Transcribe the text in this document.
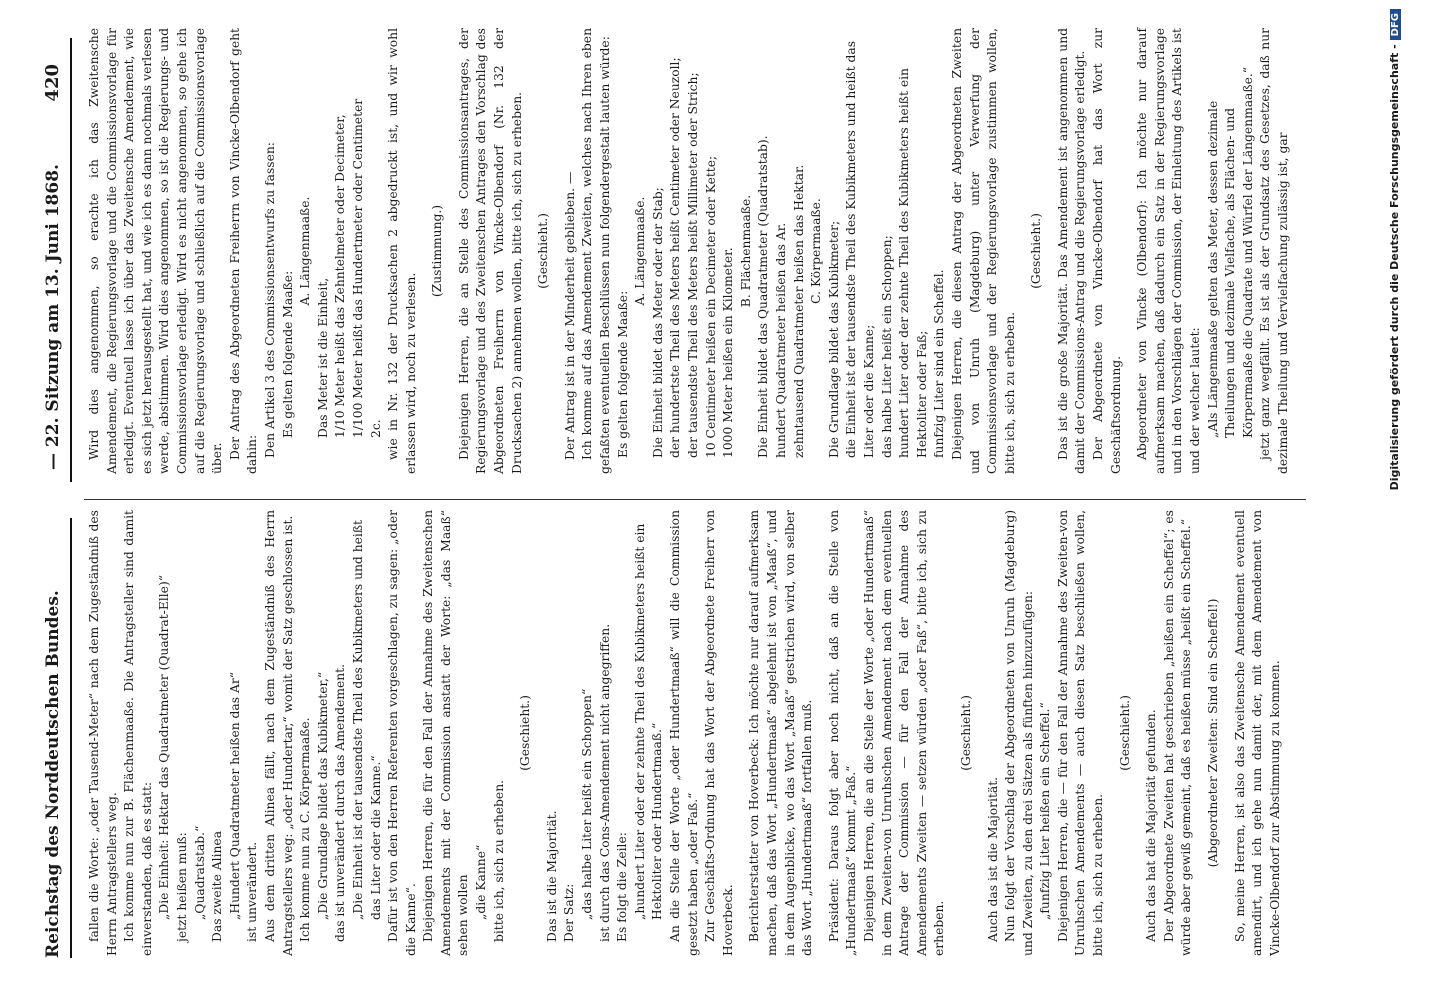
Reichstag des Norddeutschen Bundes.
— 22. Sitzung am 13. Juni 1868.
420

fallen die Worte: „oder Tausend-Meter“ nach dem Zugeständniß des Herrn Antragstellers weg. Ich komme nun zur B. Flächenmaaße. Die Antragsteller sind damit einverstanden, daß es statt: „Die Einheit: Hektar das Quadratmeter (Quadrat-Elle)“ jetzt heißen muß: „Quadratstab.“ Das zweite Alinea „Hundert Quadratmeter heißen das Ar“ ist unverändert. Aus dem dritten Alinea fällt, nach dem Zugeständniß des Herrn Antragstellers weg: „oder Hundertar,“ womit der Satz geschlossen ist. Ich komme nun zu C. Körpermaaße. „Die Grundlage bildet das Kubikmeter,“ das ist unverändert durch das Amendement. „Die Einheit ist der tausendste Theil des Kubikmeters und heißt das Liter oder die Kanne.“ Dafür ist von den Herren Referenten vorgeschlagen, zu sagen: „oder die Kanne“. Diejenigen Herren, die für den Fall der Annahme des Zweitenschen Amendements mit der Commission anstatt der Worte: „das Maaß“ sehen wollen „die Kanne“ bitte ich, sich zu erheben.

(Geschieht.)

Das ist die Majorität. Der Satz: „das halbe Liter heißt ein Schoppen“ ist durch das Cons-Amendement nicht angegriffen. Es folgt die Zeile: „hundert Liter oder der zehnte Theil des Kubikmeters heißt ein Hektoliter oder Hundertmaaß.“ An die Stelle der Worte „oder Hundertmaaß“ will die Commission gesetzt haben „oder Faß.“ Zur Geschäfts-Ordnung hat das Wort der Abgeordnete Freiherr von Hoverbeck. Berichterstatter von Hoverbeck: Ich möchte nur darauf aufmerksam machen, daß das Wort „Hundertmaaß“ abgelehnt ist von „Maaß“, und in dem Augenblicke, wo das Wort „Maaß“ gestrichen wird, von selber das Wort „Hundertmaaß“ fortfallen muß. Präsident: Daraus folgt aber noch nicht, daß an die Stelle von „Hundertmaaß“ kommt „Faß.“ Diejenigen Herren, die an die Stelle der Worte „oder Hundertmaaß“ in dem Zweiten-von Unruhschen Amendement nach dem eventuellen Antrage der Commission — für den Fall der Annahme des Amendements Zweiten — setzen würden „oder Faß“, bitte ich, sich zu erheben.

(Geschieht.)

Auch das ist die Majorität. Nun folgt der Vorschlag der Abgeordneten von Unruh (Magdeburg) und Zweiten, zu den drei Sätzen als fünften hinzuzufügen: „funfzig Liter heißen ein Scheffel.“ Diejenigen Herren, die — für den Fall der Annahme des Zweiten-von Unruhschen Amendements — auch diesen Satz beschließen wollen, bitte ich, sich zu erheben.

(Geschieht.) Auch das hat die Majorität gefunden. Der Abgeordnete Zweiten hat geschrieben „heißen ein Scheffel“; es würde aber gewiß gemeint, daß es heißen müsse „heißt ein Scheffel.“ (Abgeordneter Zweiten: Sind ein Scheffel!) So, meine Herren, ist also das Zweitensche Amendement eventuell amendirt, und ich gehe nun damit der, mit dem Amendement von Vincke-Olbendorf zur Abstimmung zu kommen.

Wird dies angenommen, so erachte ich das Zweitensche Amendement, die Regierungsvorlage und die Commissionsvorlage für erledigt. Eventuell lasse ich über das Zweitensche Amendement, wie es sich jetzt herausgestellt hat, und wie ich es dann nochmals verlesen werde, abstimmen. Wird dies angenommen, so ist die Regierungs- und Commissionsvorlage erledigt. Wird es nicht angenommen, so gehe ich auf die Regierungsvorlage und schließlich auf die Commissionsvorlage über. Der Antrag des Abgeordneten Freiherrn von Vincke-Olbendorf geht dahin: Den Artikel 3 des Commissionsentwurfs zu fassen: Es gelten folgende Maaße:

A. Längenmaaße.

Das Meter ist die Einheit, 1/10 Meter heißt das Zehntelmeter oder Decimeter, 1/100 Meter heißt das Hundertmeter oder Centimeter 2c. wie in Nr. 132 der Drucksachen 2 abgedruckt ist, und wir wohl erlassen wird, noch zu verlesen.

(Zustimmung.) Diejenigen Herren, die an Stelle des Commissionsantrages, der Regierungsvorlage und des Zweitenschen Antrages den Vorschlag des Abgeordneten Freiherrn von Vincke-Olbendorf (Nr. 132 der Drucksachen 2) annehmen wollen, bitte ich, sich zu erheben. (Geschieht.) Der Antrag ist in der Minderheit geblieben. — Ich komme auf das Amendement Zweiten, welches nach Ihren eben gefaßten eventuellen Beschlüssen nun folgendergestalt lauten würde: Es gelten folgende Maaße:

A. Längenmaaße. Die Einheit bildet das Meter oder der Stab; der hundertste Theil des Meters heißt Centimeter oder Neuzoll; der tausendste Theil des Meters heißt Millimeter oder Strich; 10 Centimeter heißen ein Decimeter oder Kette; 1000 Meter heißen ein Kilometer. B. Flächenmaaße. Die Einheit bildet das Quadratmeter (Quadratstab). hundert Quadratmeter heißen das Ar. zehntausend Quadratmeter heißen das Hektar. C. Körpermaaße. Die Grundlage bildet das Kubikmeter; die Einheit ist der tausendste Theil des Kubikmeters und heißt das Liter oder die Kanne; das halbe Liter heißt ein Schoppen; hundert Liter oder der zehnte Theil des Kubikmeters heißt ein Hektoliter oder Faß; funfzig Liter sind ein Scheffel. Diejenigen Herren, die diesen Antrag der Abgeordneten Zweiten und von Unruh (Magdeburg) unter Verwerfung der Commissionsvorlage und der Regierungsvorlage zustimmen wollen, bitte ich, sich zu erheben.

(Geschieht.) Das ist die große Majorität. Das Amendement ist angenommen und damit der Commissions-Antrag und die Regierungsvorlage erledigt. Der Abgeordnete von Vincke-Olbendorf hat das Wort zur Geschäftsordnung. Abgeordneter von Vincke (Olbendorf): Ich möchte nur darauf aufmerksam machen, daß dadurch ein Satz in der Regierungsvorlage und in den Vorschlägen der Commission, der Einleitung des Artikels ist und der welcher lautet: „Als Längenmaaße gelten das Meter, dessen dezimale Theilungen und dezimale Vielfache, als Flächen- und Körpermaaße die Quadrate und Würfel der Längenmaaße.“ jetzt ganz wegfällt. Es ist als der Grundsatz des Gesetzes, daß nur dezimale Theilung und Vervielfachung zulässig ist, gar	Digitalisierung gefördert durch die Deutsche Forschungsgemeinschaft -DFG
